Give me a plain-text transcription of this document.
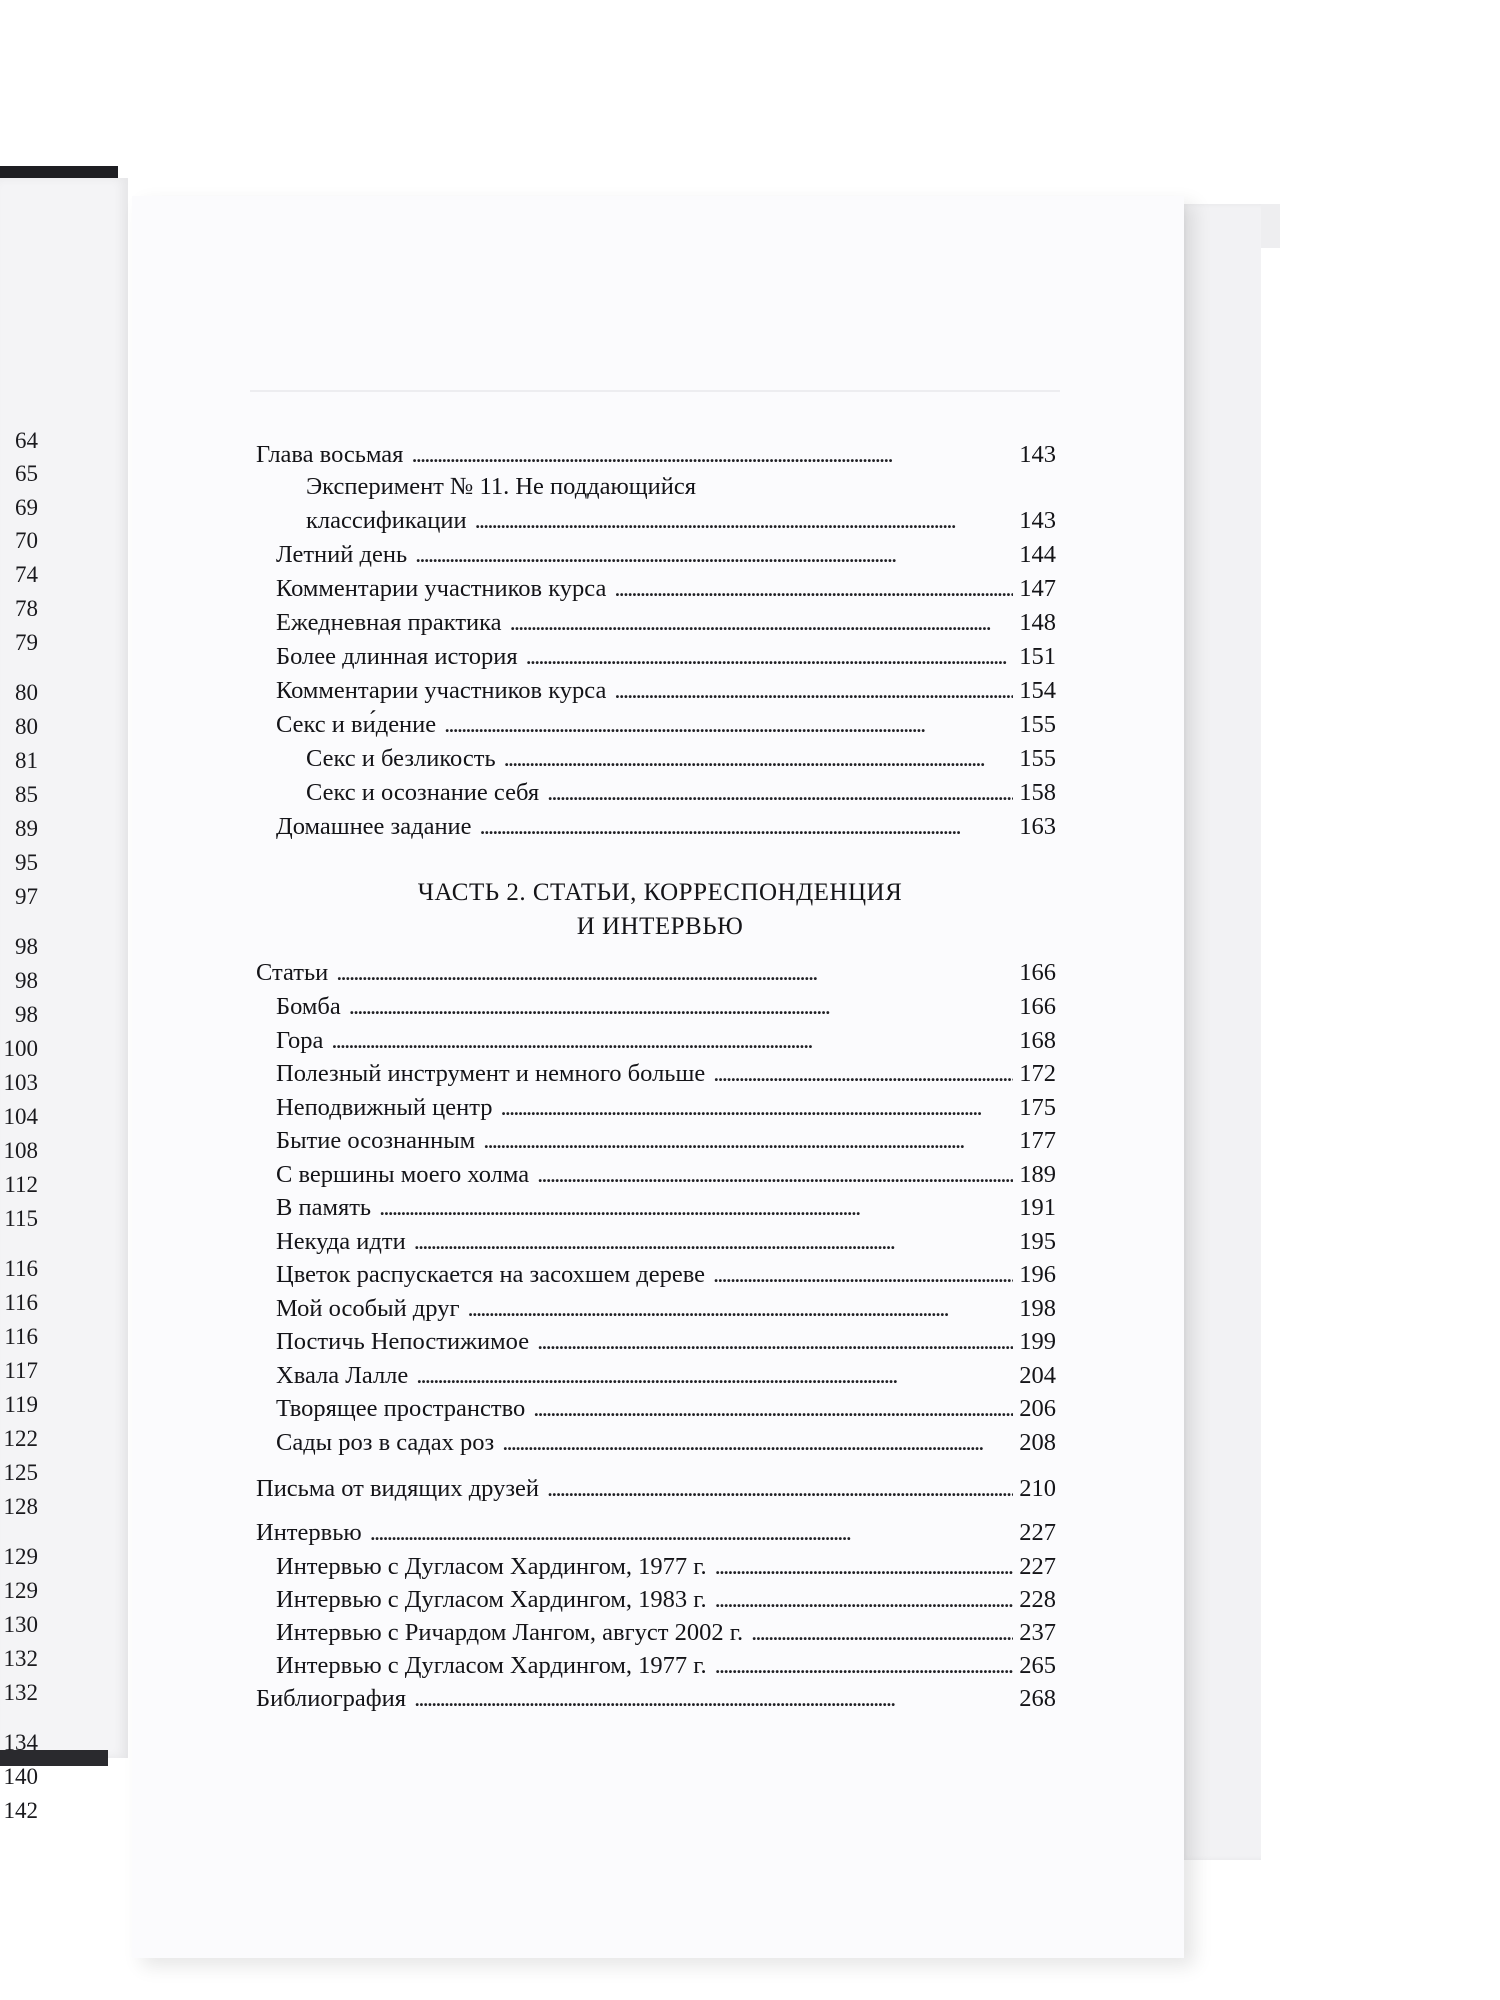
64
65
69
70
74
78
79
80
80
81
85
89
95
97
98
98
98
100
103
104
108
112
115
116
116
116
117
119
122
125
128
129
129
130
132
132
134
140
142
Глава восьмая . . .	143
Эксперимент № 11. Не поддающийся
классификации . . .	143
Летний день . . .	144
Комментарии участников курса . . .	147
Ежедневная практика . . .	148
Более длинная история . . .	151
Комментарии участников курса . . .	154
Секс и ви́дение . . .	155
Секс и безликость . . .	155
Секс и осознание себя . . .	158
Домашнее задание . . .	163
ЧАСТЬ 2. СТАТЬИ, КОРРЕСПОНДЕНЦИЯ
И ИНТЕРВЬЮ
Статьи . . .	166
Бомба . . .	166
Гора . . .	168
Полезный инструмент и немного больше . . .	172
Неподвижный центр . . .	175
Бытие осознанным . . .	177
С вершины моего холма . . .	189
В память . . .	191
Некуда идти . . .	195
Цветок распускается на засохшем дереве . . .	196
Мой особый друг . . .	198
Постичь Непостижимое . . .	199
Хвала Лалле . . .	204
Творящее пространство . . .	206
Сады роз в садах роз . . .	208
Письма от видящих друзей . . .	210
Интервью . . .	227
Интервью с Дугласом Хардингом, 1977 г. . . .	227
Интервью с Дугласом Хардингом, 1983 г. . . .	228
Интервью с Ричардом Лангом, август 2002 г. . . .	237
Интервью с Дугласом Хардингом, 1977 г. . . .	265
Библиография . . .	268
